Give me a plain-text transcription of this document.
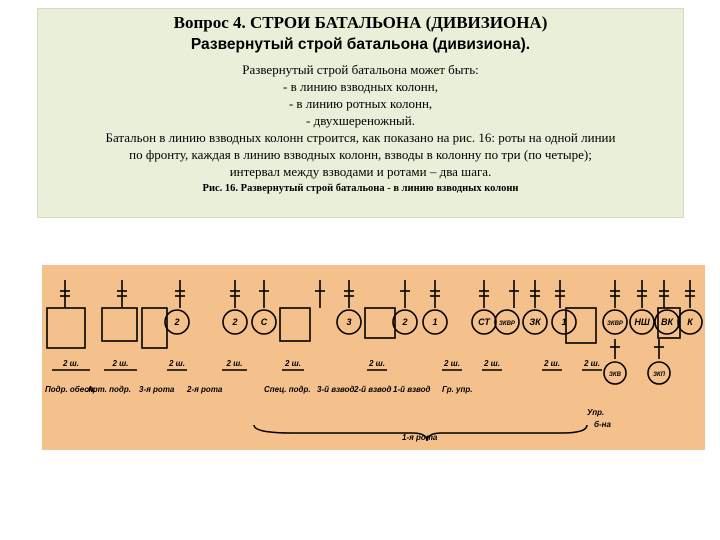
Вопрос 4. СТРОИ БАТАЛЬОНА (ДИВИЗИОНА)
Развернутый строй батальона (дивизиона).
Развернутый строй батальона может быть:
- в линию взводных колонн,
- в линию ротных колонн,
- двухшереножный.
Батальон в линию взводных колонн строится, как показано на рис. 16: роты на одной линии
по фронту, каждая в линию взводных колонн, взводы в колонну по три (по четыре);
интервал между взводами и ротами – два шага.
Рис. 16. Развернутый строй батальона - в линию взводных колонн
2	2	С	3	2	1	СТ ЗКВР ЗК 1	ЗКВР НШ ВК К
ЗКВ	ЗКП
2 ш.	2 ш.	2 ш.	2 ш.	2 ш.	2 ш.	2 ш.	2 ш.	2 ш.	2 ш.
Подр. обесп.
Арт. подр. 3-я рота 2-я рота	Спец. подр. 3-й взвод 2-й взвод 1-й взвод Гр. упр.
Упр.
б-на
1-я рота
